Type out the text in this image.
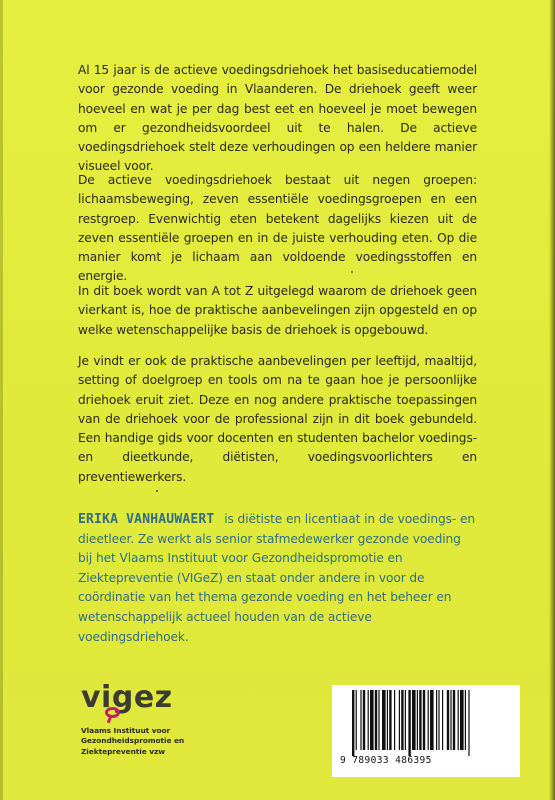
Al 15 jaar is de actieve voedingsdriehoek het basiseducatiemodel voor gezonde voeding in Vlaanderen. De driehoek geeft weer hoeveel en wat je per dag best eet en hoeveel je moet bewegen om er gezondheidsvoordeel uit te halen. De actieve voedingsdriehoek stelt deze verhoudingen op een heldere manier visueel voor.

De actieve voedingsdriehoek bestaat uit negen groepen: lichaamsbeweging, zeven essentiële voedingsgroepen en een restgroep. Evenwichtig eten betekent dagelijks kiezen uit de zeven essentiële groepen en in de juiste verhouding eten. Op die manier komt je lichaam aan voldoende voedingsstoffen en energie.

In dit boek wordt van A tot Z uitgelegd waarom de driehoek geen vierkant is, hoe de praktische aanbevelingen zijn opgesteld en op welke wetenschappelijke basis de driehoek is opgebouwd.

Je vindt er ook de praktische aanbevelingen per leeftijd, maaltijd, setting of doelgroep en tools om na te gaan hoe je persoonlijke driehoek eruit ziet. Deze en nog andere praktische toepassingen van de driehoek voor de professional zijn in dit boek gebundeld. Een handige gids voor docenten en studenten bachelor voedings- en dieetkunde, diëtisten, voedingsvoorlichters en preventiewerkers.

ERIKA VANHAUWAERT is diëtiste en licentiaat in de voedings- en dieetleer. Ze werkt als senior stafmedewerker gezonde voeding bij het Vlaams Instituut voor Gezondheidspromotie en Ziektepreventie (VIGeZ) en staat onder andere in voor de coördinatie van het thema gezonde voeding en het beheer en wetenschappelijk actueel houden van de actieve voedingsdriehoek.

vigez
Vlaams Instituut voor
Gezondheidspromotie en
Ziektepreventie vzw
9 789033 486395
